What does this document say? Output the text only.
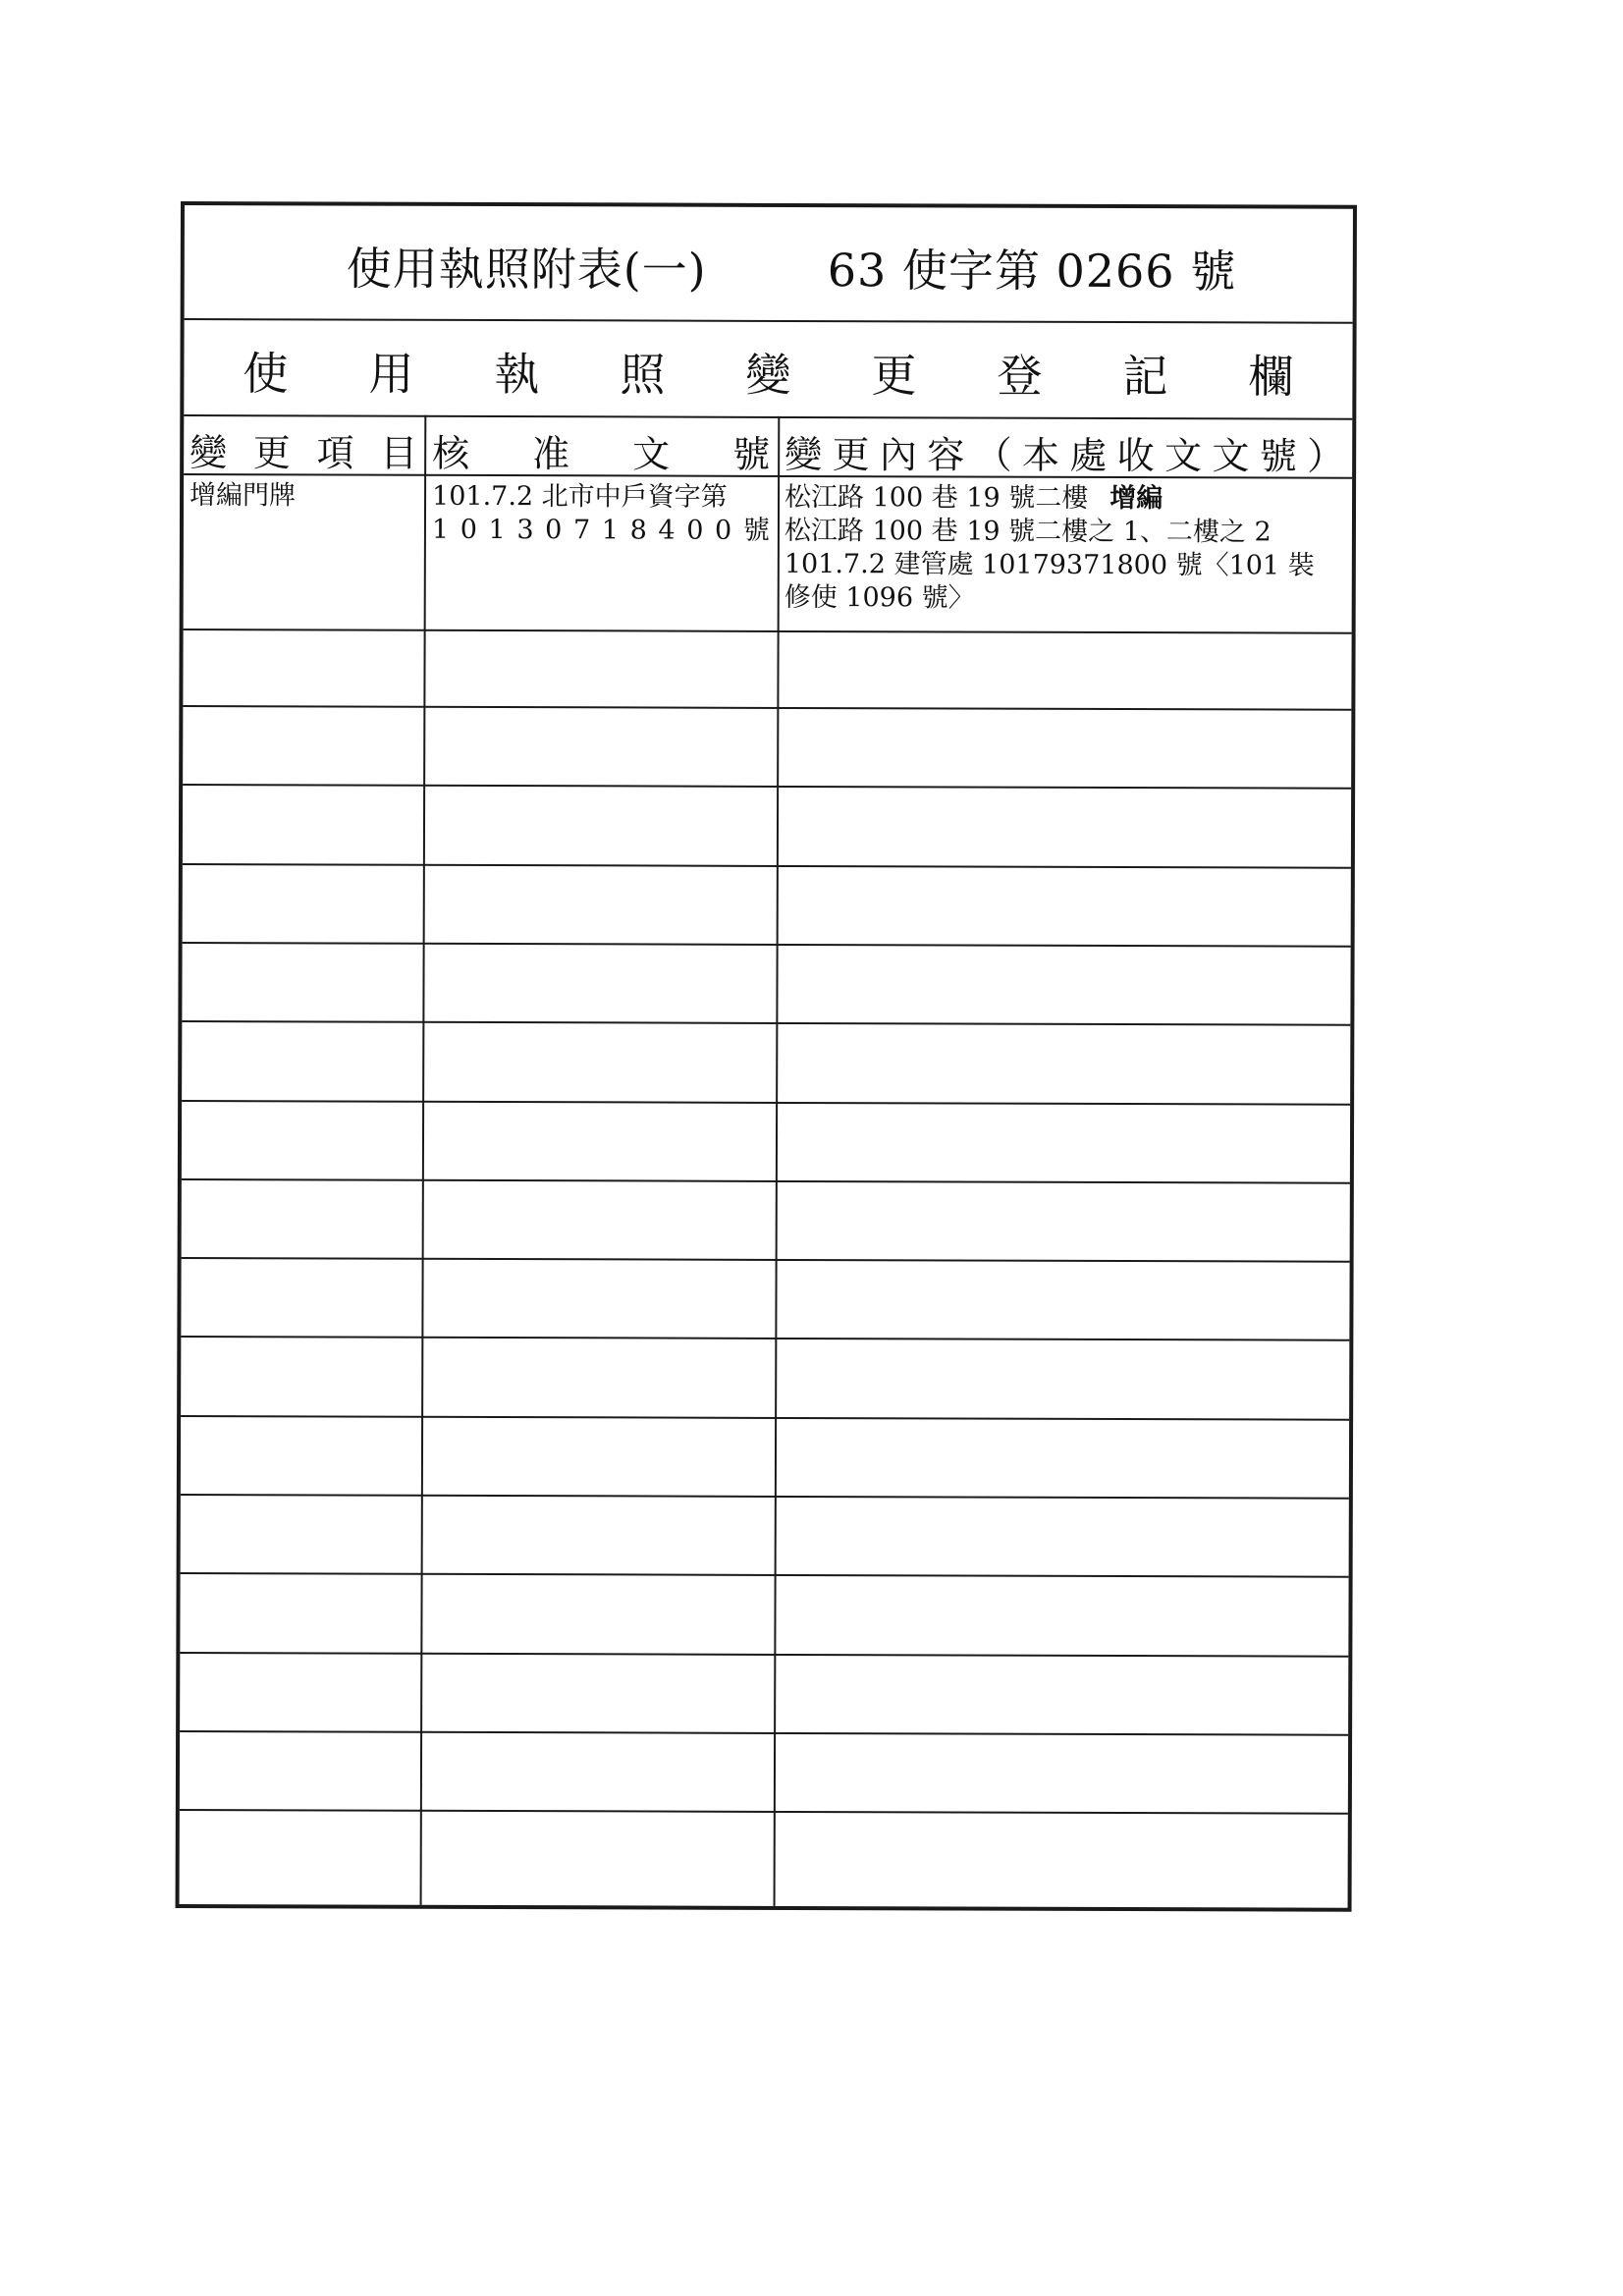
使用執照附表(一)	63 使字第 0266 號
使 用 執 照 變 更 登 記 欄
變 更 項 目 核 准 文 號 變 更 內 容 （ 本 處 收 文 文 號 ）
增編門牌	101.7.2 北市中戶資字第
1 0 1 3 0 7 1 8 4 0 0 號
松江路 100 巷 19 號二樓 增編
松江路 100 巷 19 號二樓之 1、二樓之 2
101.7.2 建管處 10179371800 號〈101 裝
修使 1096 號〉
